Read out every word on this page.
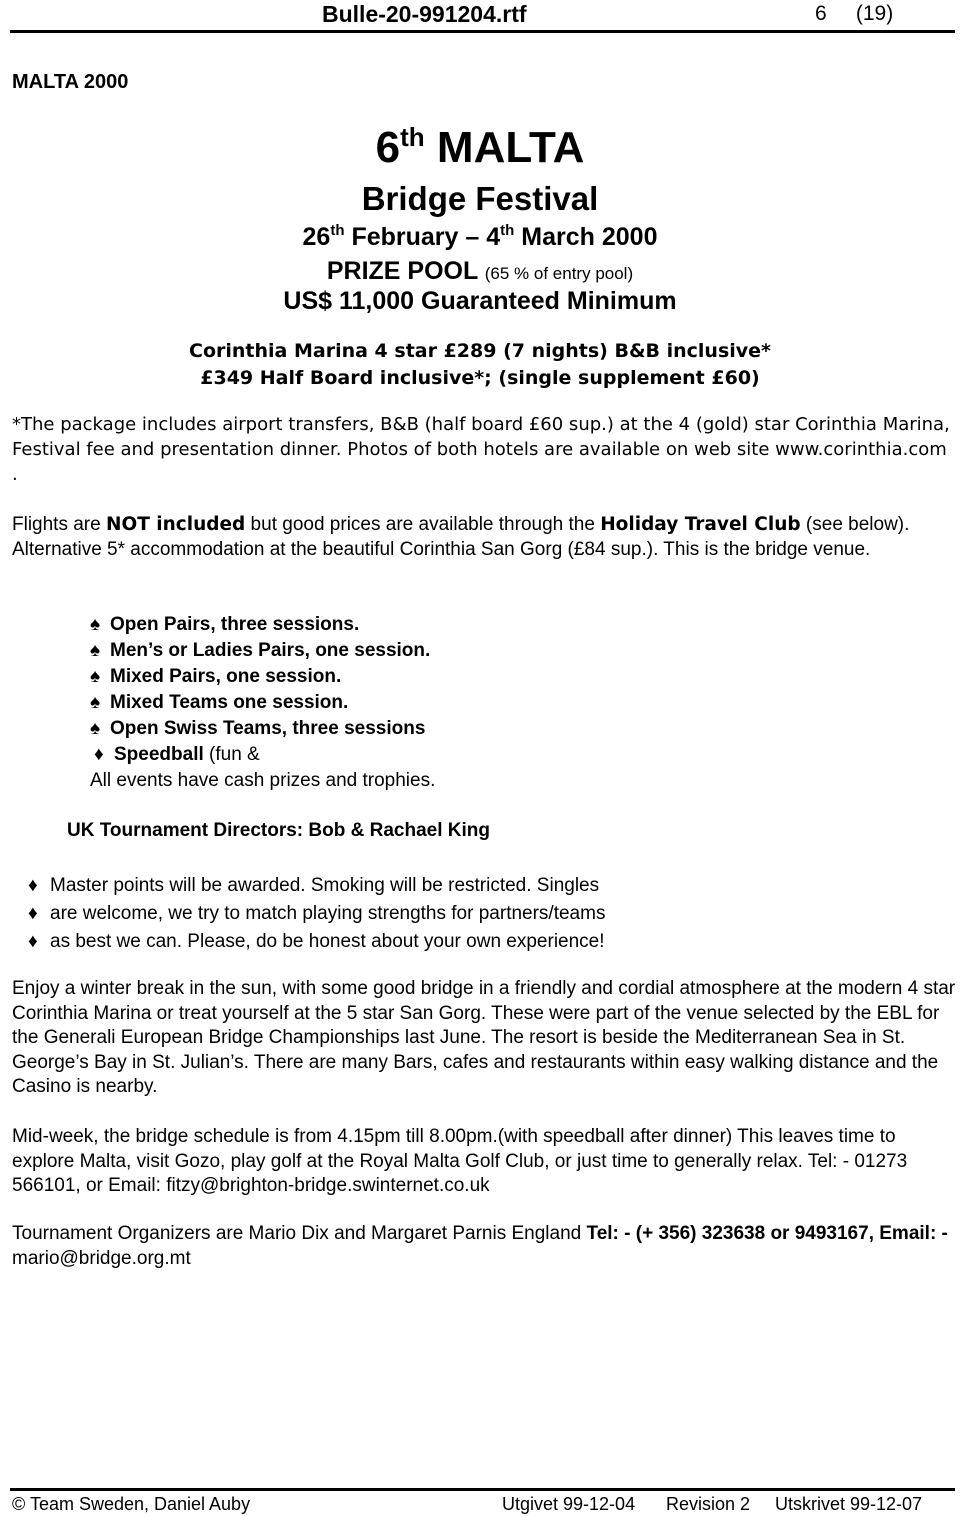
Bulle-20-991204.rtf	6     (19)
MALTA 2000
6th MALTA
Bridge Festival
26th February – 4th March 2000
PRIZE POOL (65 % of entry pool)
US$ 11,000 Guaranteed Minimum
Corinthia Marina 4 star £289 (7 nights) B&B inclusive*
£349 Half Board inclusive*; (single supplement £60)
*The package includes airport transfers, B&B (half board £60 sup.) at the 4 (gold) star Corinthia Marina, Festival fee and presentation dinner. Photos of both hotels are available on web site www.corinthia.com .
Flights are NOT included but good prices are available through the Holiday Travel Club (see below). Alternative 5* accommodation at the beautiful Corinthia San Gorg (£84 sup.). This is the bridge venue.
♠ Open Pairs, three sessions.
♠ Men’s or Ladies Pairs, one session.
♠ Mixed Pairs, one session.
♠ Mixed Teams one session.
♠ Open Swiss Teams, three sessions
♦ Speedball (fun &
All events have cash prizes and trophies.
UK Tournament Directors: Bob & Rachael King
♦ Master points will be awarded. Smoking will be restricted. Singles
♦ are welcome, we try to match playing strengths for partners/teams
♦ as best we can. Please, do be honest about your own experience!
Enjoy a winter break in the sun, with some good bridge in a friendly and cordial atmosphere at the modern 4 star Corinthia Marina or treat yourself at the 5 star San Gorg. These were part of the venue selected by the EBL for the Generali European Bridge Championships last June. The resort is beside the Mediterranean Sea in St. George’s Bay in St. Julian’s. There are many Bars, cafes and restaurants within easy walking distance and the Casino is nearby.
Mid-week, the bridge schedule is from 4.15pm till 8.00pm.(with speedball after dinner) This leaves time to explore Malta, visit Gozo, play golf at the Royal Malta Golf Club, or just time to generally relax. Tel: - 01273 566101, or Email: fitzy@brighton-bridge.swinternet.co.uk
Tournament Organizers are Mario Dix and Margaret Parnis England Tel: - (+ 356) 323638 or 9493167, Email: - mario@bridge.org.mt
© Team Sweden, Daniel Auby	Utgivet 99-12-04 Revision 2 Utskrivet 99-12-07
